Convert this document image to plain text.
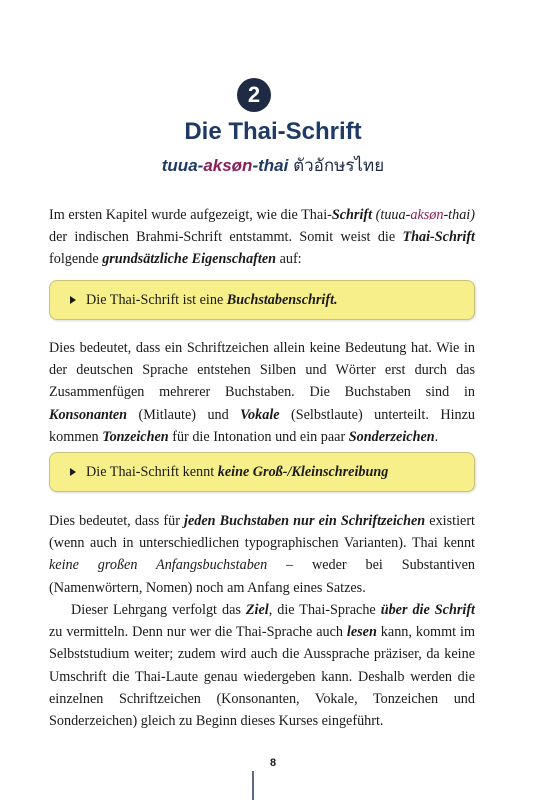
2
Die Thai-Schrift
tuua-aksøn-thai ตัวอักษรไทย

Im ersten Kapitel wurde aufgezeigt, wie die Thai-Schrift (tuua-aksøn-thai) der indischen Brahmi-Schrift entstammt. Somit weist die Thai-Schrift folgende grundsätzliche Eigenschaften auf:

Die Thai-Schrift ist eine Buchstabenschrift.

Dies bedeutet, dass ein Schriftzeichen allein keine Bedeutung hat. Wie in der deutschen Sprache entstehen Silben und Wörter erst durch das Zusammenfügen mehrerer Buchstaben. Die Buchstaben sind in Konsonanten (Mitlaute) und Vokale (Selbstlaute) unterteilt. Hinzu kommen Tonzeichen für die Intonation und ein paar Sonderzeichen.

Die Thai-Schrift kennt keine Groß-/Kleinschreibung

Dies bedeutet, dass für jeden Buchstaben nur ein Schriftzeichen existiert (wenn auch in unterschiedlichen typographischen Varianten). Thai kennt keine großen Anfangsbuchstaben – weder bei Substantiven (Namenwörtern, Nomen) noch am Anfang eines Satzes.

Dieser Lehrgang verfolgt das Ziel, die Thai-Sprache über die Schrift zu vermitteln. Denn nur wer die Thai-Sprache auch lesen kann, kommt im Selbststudium weiter; zudem wird auch die Aussprache präziser, da keine Umschrift die Thai-Laute genau wiedergeben kann. Deshalb werden die einzelnen Schriftzeichen (Konsonanten, Vokale, Tonzeichen und Sonderzeichen) gleich zu Beginn dieses Kurses eingeführt.

8
